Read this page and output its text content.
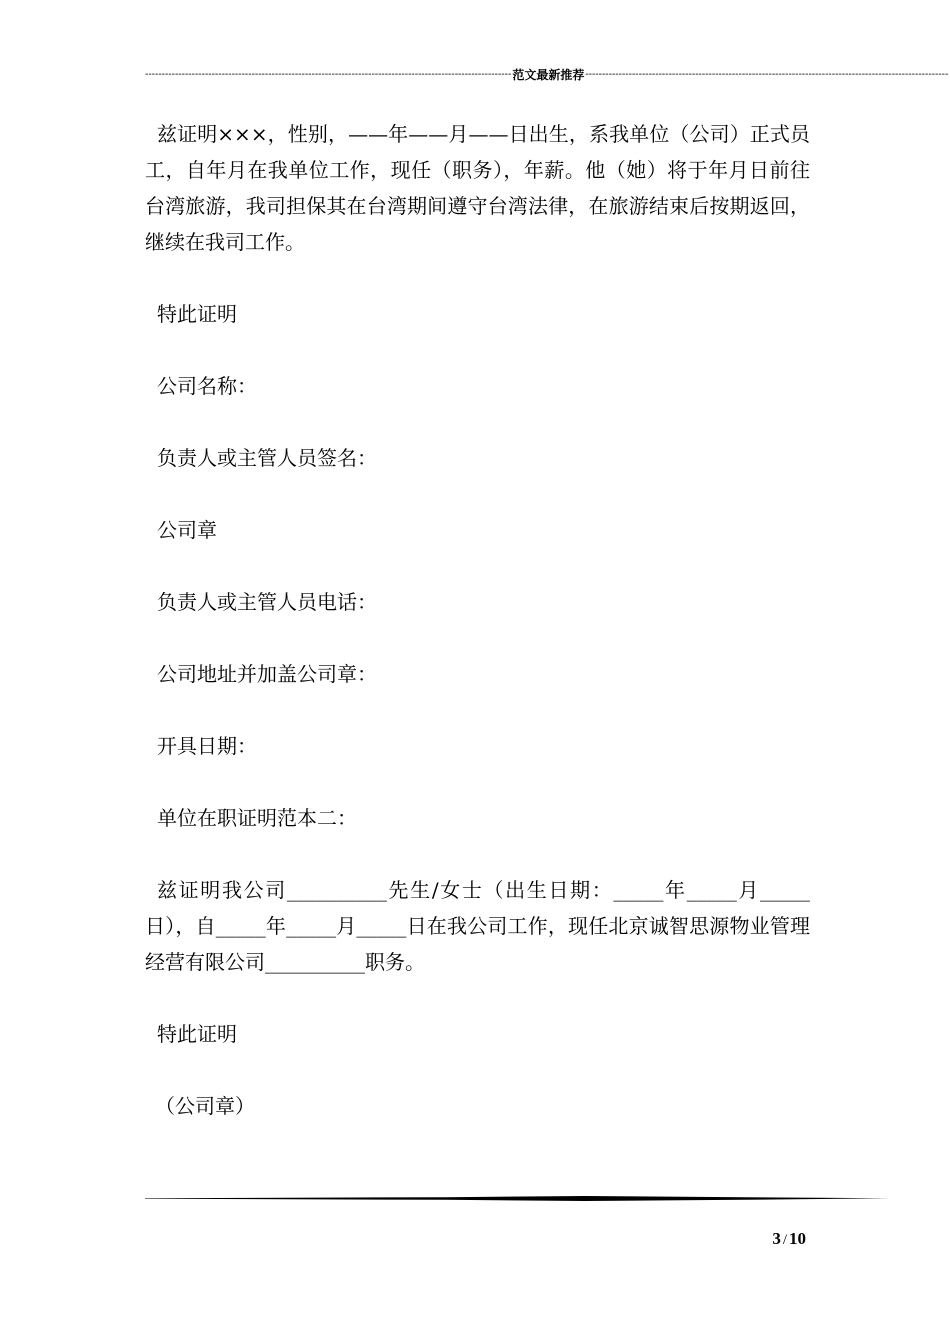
-------------------------------------------------------------------------------------------------------------- 范文最新推荐 -------------------------------------------------------------------------------------------------------------

兹证明×××，性别，——年——月——日出生，系我单位（公司）正式员工，自年月在我单位工作，现任（职务），年薪。他（她）将于年月日前往台湾旅游，我司担保其在台湾期间遵守台湾法律，在旅游结束后按期返回，继续在我司工作。

特此证明

公司名称：

负责人或主管人员签名：

公司章

负责人或主管人员电话：

公司地址并加盖公司章：

开具日期：

单位在职证明范本二：

兹证明我公司__________先生/女士（出生日期：_____年_____月_____日），自_____年_____月_____日在我公司工作，现任北京诚智思源物业管理经营有限公司__________职务。

特此证明

（公司章）

3 / 10
